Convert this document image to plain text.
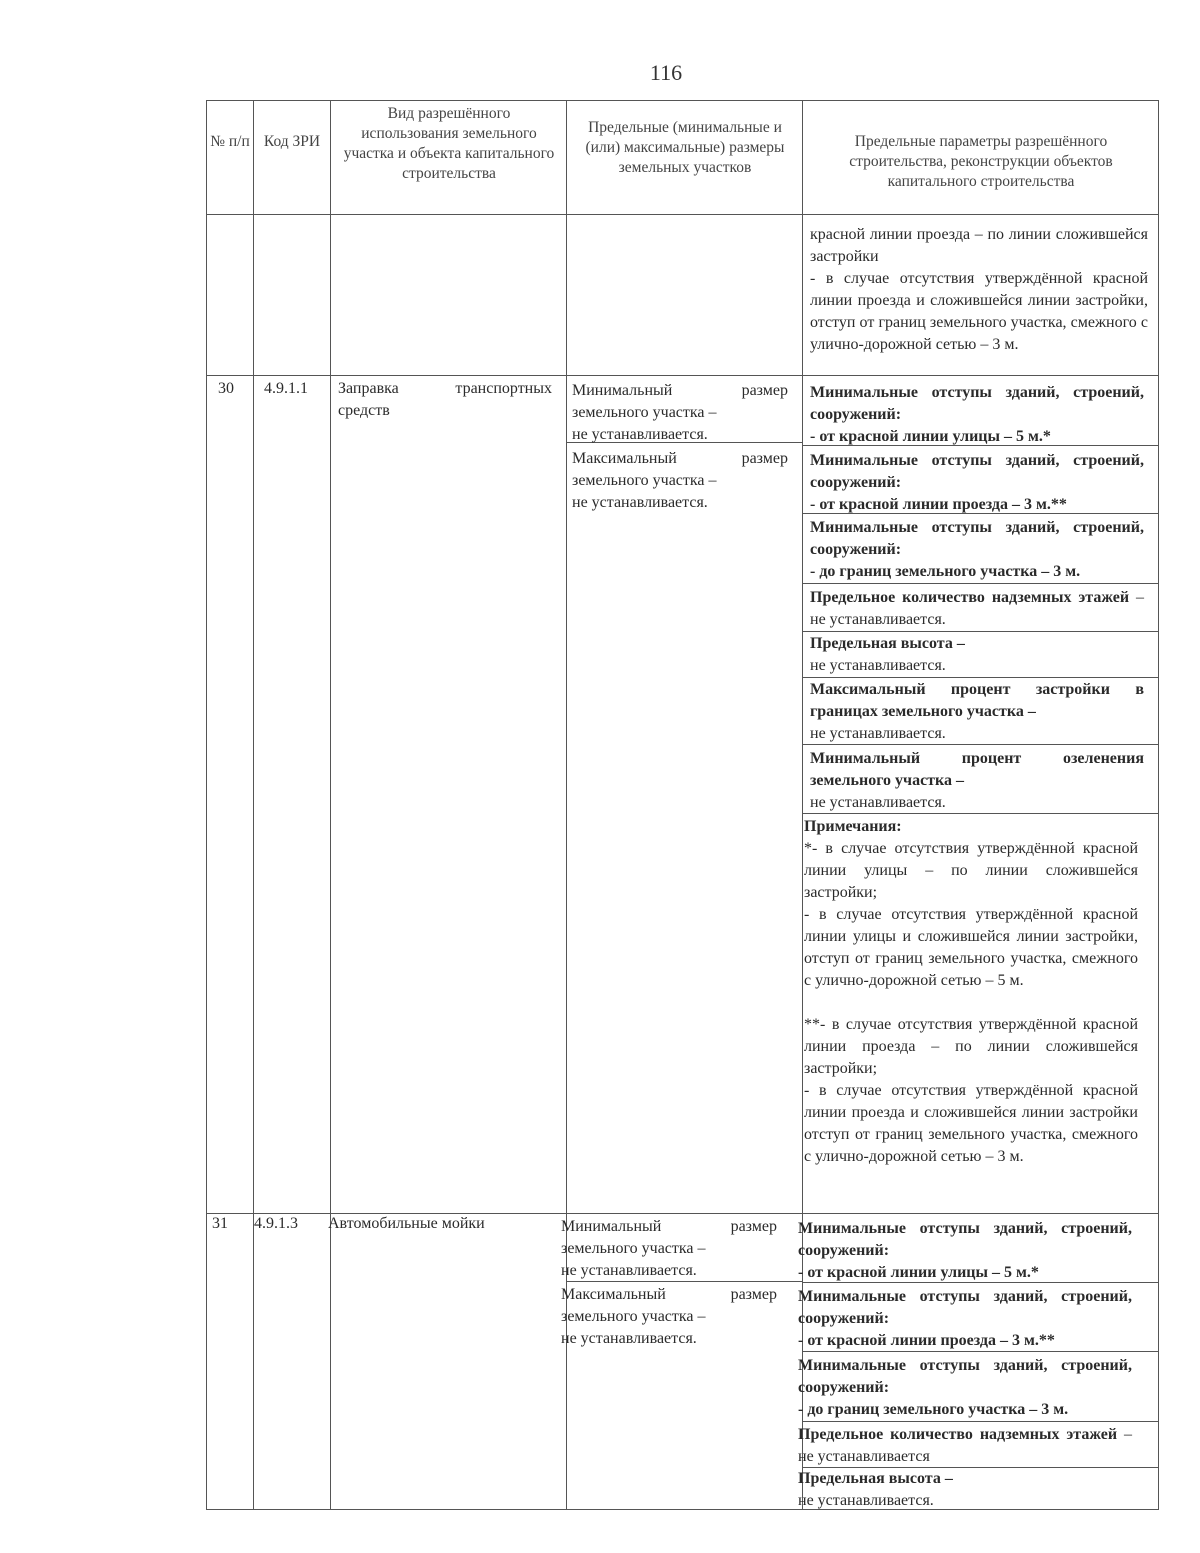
116
№ п/п Код ЗРИ
Вид разрешённого использования земельного участка и объекта капитального строительства
Предельные (минимальные и (или) максимальные) размеры земельных участков
Предельные параметры разрешённого строительства, реконструкции объектов капитального строительства
красной линии проезда – по линии сложившейся застройки
- в случае отсутствия утверждённой красной линии проезда и сложившейся линии застройки, отступ от границ земельного участка, смежного с улично-дорожной сетью – 3 м.
30 4.9.1.1 Заправка транспортных средств
Минимальный размер земельного участка –
не устанавливается.
Максимальный размер земельного участка –
не устанавливается.
Минимальные отступы зданий, строений, сооружений:
- от красной линии улицы – 5 м.*
Минимальные отступы зданий, строений, сооружений:
- от красной линии проезда – 3 м.**
Минимальные отступы зданий, строений, сооружений:
- до границ земельного участка – 3 м.
Предельное количество надземных этажей – не устанавливается.
Предельная высота –
не устанавливается.
Максимальный процент застройки в границах земельного участка –
не устанавливается.
Минимальный процент озеленения земельного участка –
не устанавливается.
Примечания:
*- в случае отсутствия утверждённой красной линии улицы – по линии сложившейся застройки;
- в случае отсутствия утверждённой красной линии улицы и сложившейся линии застройки, отступ от границ земельного участка, смежного с улично-дорожной сетью – 5 м.
**- в случае отсутствия утверждённой красной линии проезда – по линии сложившейся застройки;
- в случае отсутствия утверждённой красной линии проезда и сложившейся линии застройки отступ от границ земельного участка, смежного с улично-дорожной сетью – 3 м.
31 4.9.1.3 Автомобильные мойки	Минимальный размер земельного участка –
не устанавливается.
Максимальный размер земельного участка –
не устанавливается.
Минимальные отступы зданий, строений, сооружений:
- от красной линии улицы – 5 м.*
Минимальные отступы зданий, строений, сооружений:
- от красной линии проезда – 3 м.**
Минимальные отступы зданий, строений, сооружений:
- до границ земельного участка – 3 м.
Предельное количество надземных этажей – не устанавливается
Предельная высота –
не устанавливается.
